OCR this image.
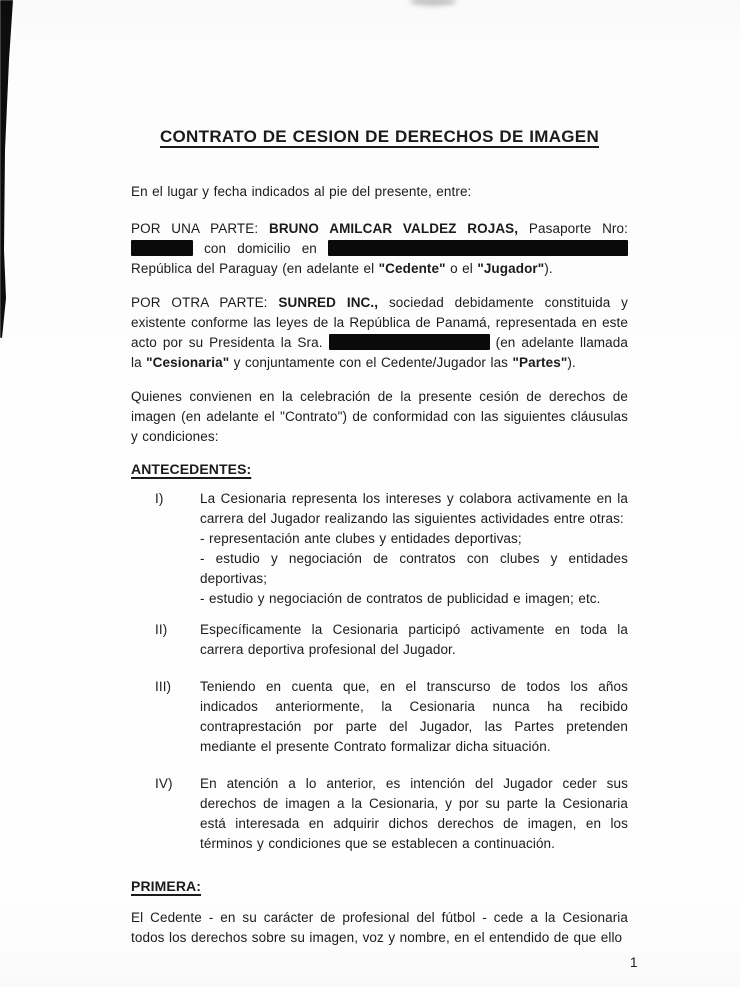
CONTRATO DE CESION DE DERECHOS DE IMAGEN

En el lugar y fecha indicados al pie del presente, entre:

POR UNA PARTE: BRUNO AMILCAR VALDEZ ROJAS, Pasaporte Nro:  con domicilio en  República del Paraguay (en adelante el "Cedente" o el "Jugador").

POR OTRA PARTE: SUNRED INC., sociedad debidamente constituida y existente conforme las leyes de la República de Panamá, representada en este acto por su Presidenta la Sra.	(en adelante llamada la "Cesionaria" y conjuntamente con el Cedente/Jugador las "Partes").

Quienes convienen en la celebración de la presente cesión de derechos de imagen (en adelante el "Contrato") de conformidad con las siguientes cláusulas y condiciones:

ANTECEDENTES:
I)	La Cesionaria representa los intereses y colabora activamente en la carrera del Jugador realizando las siguientes actividades entre otras:
- representación ante clubes y entidades deportivas;
- estudio y negociación de contratos con clubes y entidades deportivas;
- estudio y negociación de contratos de publicidad e imagen; etc.
II)	Específicamente la Cesionaria participó activamente en toda la carrera deportiva profesional del Jugador.
III)	Teniendo en cuenta que, en el transcurso de todos los años indicados anteriormente, la Cesionaria nunca ha recibido contraprestación por parte del Jugador, las Partes pretenden mediante el presente Contrato formalizar dicha situación.
IV)	En atención a lo anterior, es intención del Jugador ceder sus derechos de imagen a la Cesionaria, y por su parte la Cesionaria está interesada en adquirir dichos derechos de imagen, en los términos y condiciones que se establecen a continuación.
PRIMERA:

El Cedente - en su carácter de profesional del fútbol - cede a la Cesionaria todos los derechos sobre su imagen, voz y nombre, en el entendido de que ello

1
